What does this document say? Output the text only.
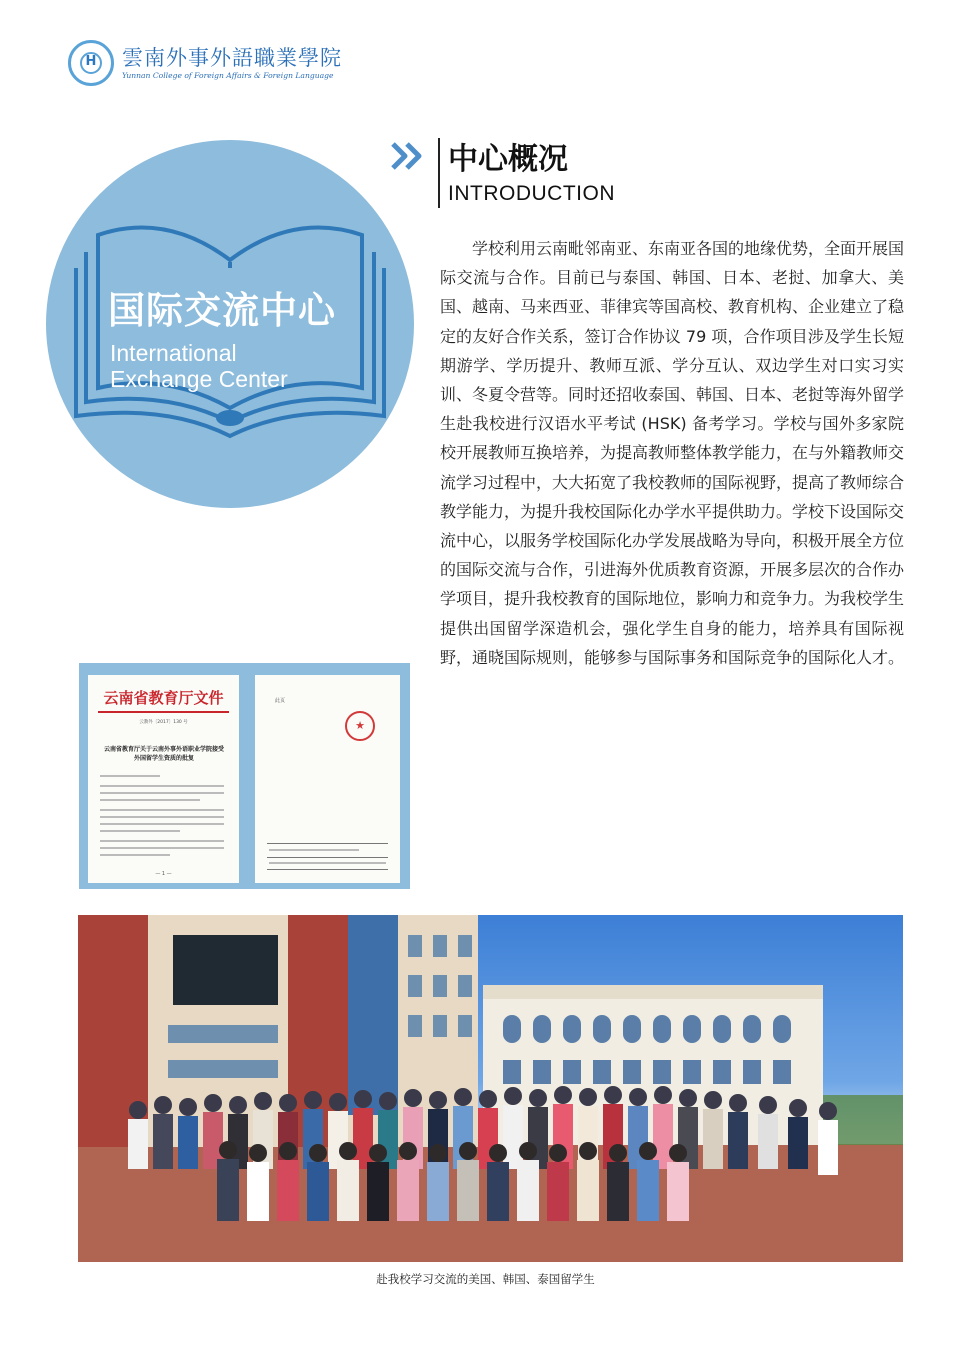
H	雲南外事外語職業學院
Yunnan College of Foreign Affairs & Foreign Language
国际交流中心
International
Exchange Center
中心概况
INTRODUCTION

学校利用云南毗邻南亚、东南亚各国的地缘优势，全面开展国际交流与合作。目前已与泰国、韩国、日本、老挝、加拿大、美国、越南、马来西亚、菲律宾等国高校、教育机构、企业建立了稳定的友好合作关系，签订合作协议 79 项，合作项目涉及学生长短期游学、学历提升、教师互派、学分互认、双边学生对口实习实训、冬夏令营等。同时还招收泰国、韩国、日本、老挝等海外留学生赴我校进行汉语水平考试 (HSK) 备考学习。学校与国外多家院校开展教师互换培养，为提高教师整体教学能力，在与外籍教师交流学习过程中，大大拓宽了我校教师的国际视野，提高了教师综合教学能力，为提升我校国际化办学水平提供助力。学校下设国际交流中心，以服务学校国际化办学发展战略为导向，积极开展全方位的国际交流与合作，引进海外优质教育资源，开展多层次的合作办学项目，提升我校教育的国际地位，影响力和竞争力。为我校学生提供出国留学深造机会，强化学生自身的能力，培养具有国际视野，通晓国际规则，能够参与国际事务和国际竞争的国际化人才。

云南省教育厅文件
云教外〔2017〕130 号
云南省教育厅关于云南外事外语职业学院接受外国留学生资质的批复
— 1 —
此页
★
赴我校学习交流的美国、韩国、泰国留学生
